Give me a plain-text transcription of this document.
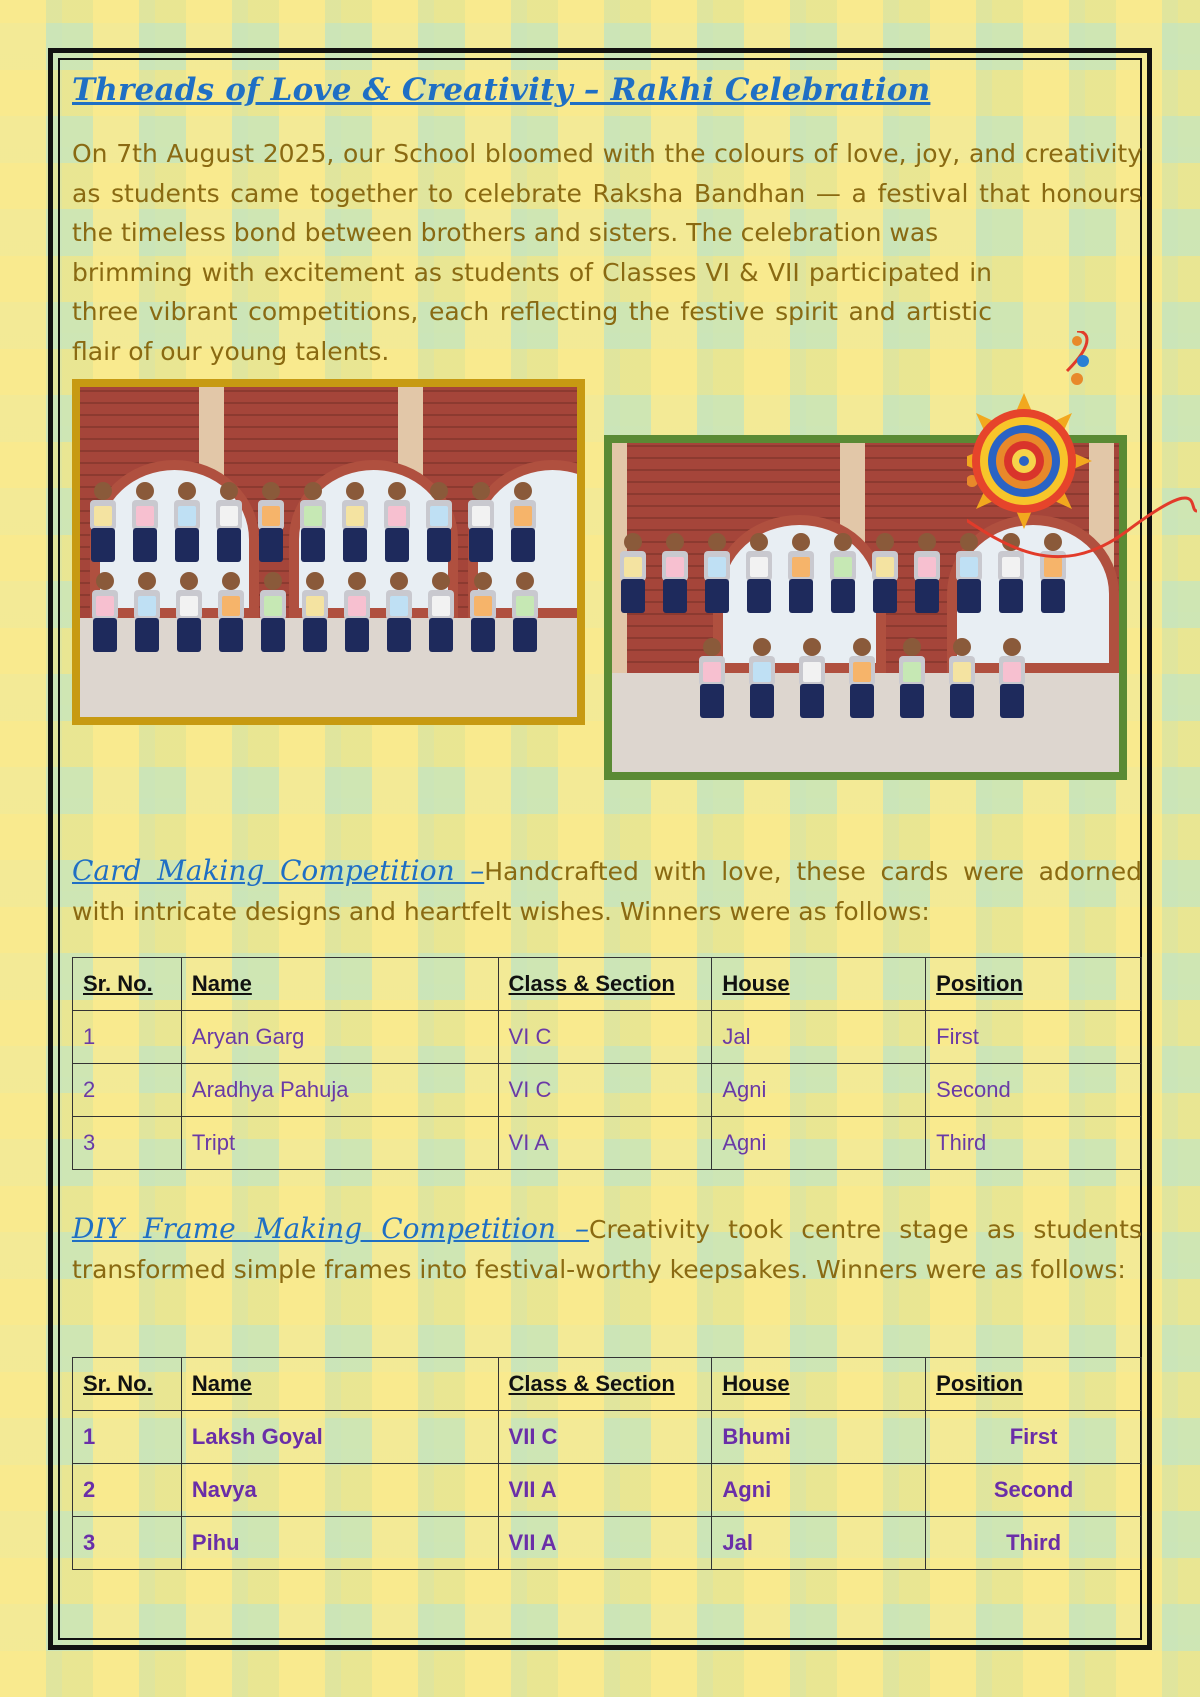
Threads of Love & Creativity – Rakhi Celebration

On 7th August 2025, our School bloomed with the colours of love, joy, and creativity as students came together to celebrate Raksha Bandhan — a festival that honours the timeless bond between brothers and sisters. The celebration was

brimming with excitement as students of Classes VI & VII participated in three vibrant competitions, each reflecting the festive spirit and artistic flair of our young talents.

Card Making Competition –Handcrafted with love, these cards were adorned with intricate designs and heartfelt wishes. Winners were as follows:

Sr. No.	Name	Class & Section	House	Position
1	Aryan Garg	VI C	Jal	First
2	Aradhya Pahuja	VI C	Agni	Second
3	Tript	VI A	Agni	Third

DIY Frame Making Competition –Creativity took centre stage as students transformed simple frames into festival-worthy keepsakes. Winners were as follows:

Sr. No.	Name	Class & Section	House	Position
1	Laksh Goyal	VII C	Bhumi	First
2	Navya	VII A	Agni	Second
3	Pihu	VII A	Jal	Third
